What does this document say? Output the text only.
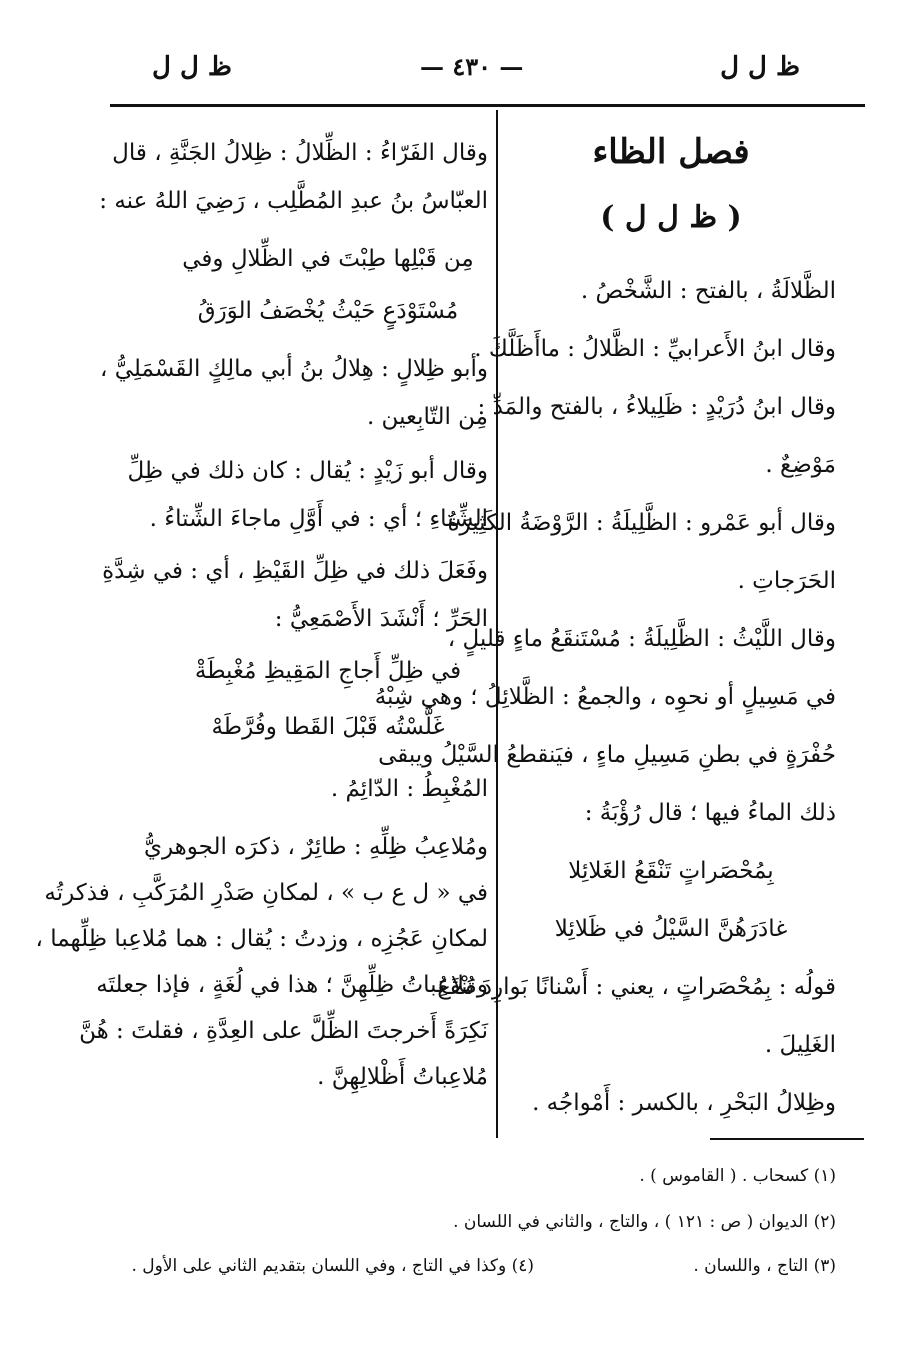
ظ ل ل
— ٤٣٠ —
ظ ل ل
فصل الظاء
( ظ ل ل )
الظَّلالَةُ ، بالفتح : الشَّخْصُ .
وقال ابنُ الأَعرابيِّ : الظَّلالُ : ماأَظَلَّكَ .
وقال ابنُ دُرَيْدٍ : ظَلِيلاءُ ، بالفتح والمَدِّ :
مَوْضِعٌ .
وقال أبو عَمْرو : الظَّلِيلَةُ : الرَّوْضَةُ الكَثِيرَةُ
الحَرَجاتِ .
وقال اللَّيْثُ : الظَّلِيلَةُ : مُسْتَنقَعُ ماءٍ قليلٍ ،
في مَسِيلٍ أو نحوِه ، والجمعُ : الظَّلائِلُ ؛ وهي شِبْهُ
حُفْرَةٍ في بطنِ مَسِيلِ ماءٍ ، فيَنقطعُ السَّيْلُ ويبقى
ذلك الماءُ فيها ؛ قال رُؤْبَةُ :
بِمُحْصَراتٍ تَنْقَعُ الغَلائِلا
غادَرَهُنَّ السَّيْلُ في ظَلائِلا
قولُه : بِمُحْصَراتٍ ، يعني : أَسْنانًا بَوارِدَ تَنْقَعُ
الغَلِيلَ .
وظِلالُ البَحْرِ ، بالكسر : أَمْواجُه .
وقال الفَرّاءُ : الظِّلالُ : ظِلالُ الجَنَّةِ ، قال
العبّاسُ بنُ عبدِ المُطَّلِب ، رَضِيَ اللهُ عنه :
مِن قَبْلِها طِبْتَ في الظِّلالِ وفي
مُسْتَوْدَعٍ حَيْثُ يُخْصَفُ الوَرَقُ
وأبو ظِلالٍ : هِلالُ بنُ أبي مالِكٍ القَسْمَلِيُّ ،
مِن التّابِعين .
وقال أبو زَيْدٍ : يُقال : كان ذلك في ظِلِّ
الشِّتاءِ ؛ أي : في أَوَّلِ ماجاءَ الشِّتاءُ .
وفَعَلَ ذلك في ظِلِّ القَيْظِ ، أي : في شِدَّةِ
الحَرِّ ؛ أَنْشَدَ الأَصْمَعِيُّ :
في ظِلِّ أَجاجِ المَقِيظِ مُغْبِطَةْ
غَلَّسْتُه قَبْلَ القَطا وفُرَّطَهْ
المُغْبِطُ : الدّائِمُ .
ومُلاعِبُ ظِلِّهِ : طائِرٌ ، ذكرَه الجوهريُّ
في « ل ع ب » ، لمكانِ صَدْرِ المُرَكَّبِ ، فذكرتُه
لمكانِ عَجُزِه ، وزدتُ : يُقال : هما مُلاعِبا ظِلِّهما ،
ومُلاعِباتُ ظِلِّهِنَّ ؛ هذا في لُغَةٍ ، فإذا جعلتَه
نَكِرَةً أَخرجتَ الظِّلَّ على العِدَّةِ ، فقلتَ : هُنَّ
مُلاعِباتُ أَظْلالِهِنَّ .
(١) كسحاب . ( القاموس ) .
(٢) الديوان ( ص : ١٢١ ) ، والتاج ، والثاني في اللسان .
(٣) التاج ، واللسان .
(٤) وكذا في التاج ، وفي اللسان بتقديم الثاني على الأول .
